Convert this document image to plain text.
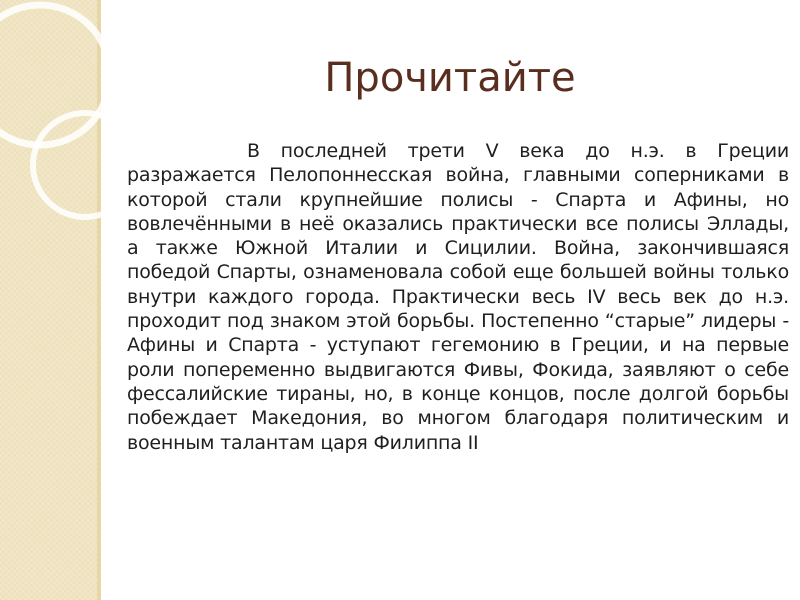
Прочитайте

В последней трети V века до н.э. в Греции разражается Пелопоннесская война, главными соперниками в которой стали крупнейшие полисы - Спарта и Афины, но вовлечёнными в неё оказались практически все полисы Эллады, а также Южной Италии и Сицилии. Война, закончившаяся победой Спарты, ознаменовала собой еще большей войны только внутри каждого города. Практически весь IV весь век до н.э. проходит под знаком этой борьбы. Постепенно “старые” лидеры - Афины и Спарта - уступают гегемонию в Греции, и на первые роли попеременно выдвигаются Фивы, Фокида, заявляют о себе фессалийские тираны, но, в конце концов, после долгой борьбы побеждает Македония, во многом благодаря политическим и военным талантам царя Филиппа II
